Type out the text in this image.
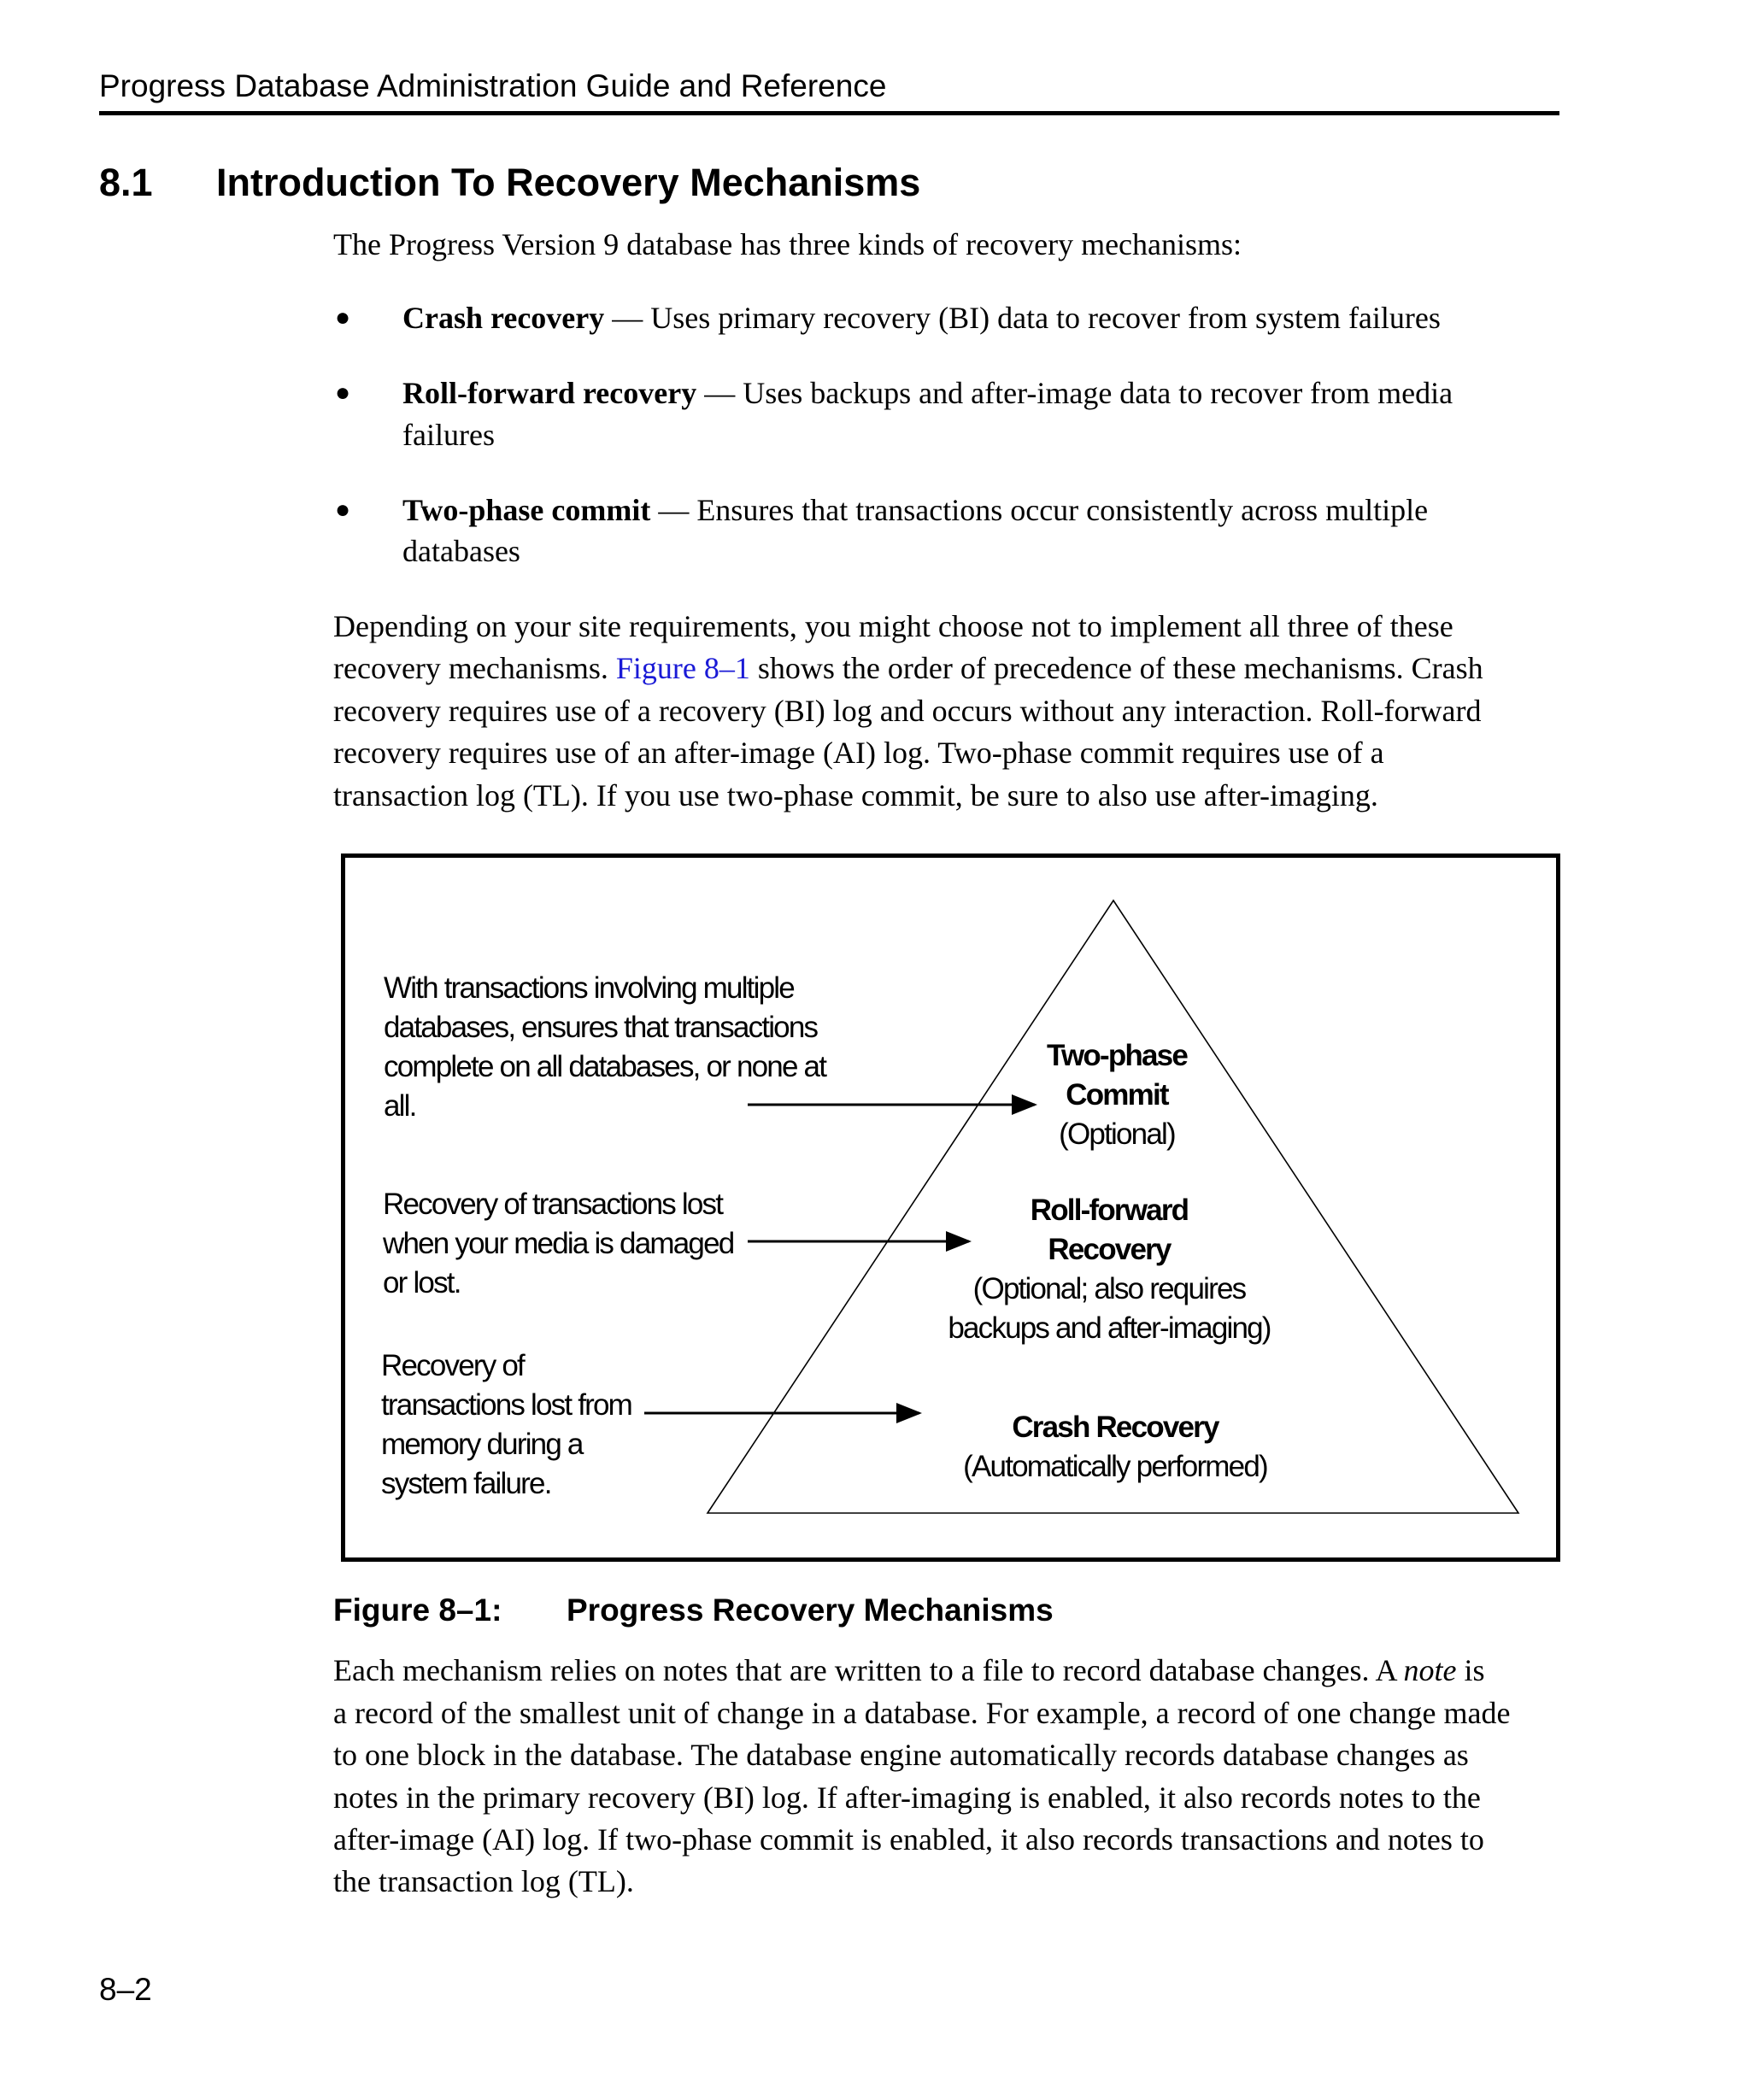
Progress Database Administration Guide and Reference
8.1 Introduction To Recovery Mechanisms
The Progress Version 9 database has three kinds of recovery mechanisms:
● Crash recovery — Uses primary recovery (BI) data to recover from system failures
● Roll-forward recovery — Uses backups and after-image data to recover from media
failures
● Two-phase commit — Ensures that transactions occur consistently across multiple
databases
Depending on your site requirements, you might choose not to implement all three of these
recovery mechanisms. Figure 8–1 shows the order of precedence of these mechanisms. Crash
recovery requires use of a recovery (BI) log and occurs without any interaction. Roll-forward
recovery requires use of an after-image (AI) log. Two-phase commit requires use of a
transaction log (TL). If you use two-phase commit, be sure to also use after-imaging.
With transactions involving multiple
databases, ensures that transactions
complete on all databases, or none at
all.
Recovery of transactions lost
when your media is damaged
or lost.
Recovery of
transactions lost from
memory during a
system failure.
Two-phase
Commit
(Optional)
Roll-forward
Recovery
(Optional; also requires
backups and after-imaging)
Crash Recovery
(Automatically performed)
Figure 8–1: Progress Recovery Mechanisms
Each mechanism relies on notes that are written to a file to record database changes. A note is
a record of the smallest unit of change in a database. For example, a record of one change made
to one block in the database. The database engine automatically records database changes as
notes in the primary recovery (BI) log. If after-imaging is enabled, it also records notes to the
after-image (AI) log. If two-phase commit is enabled, it also records transactions and notes to
the transaction log (TL).
8–2
